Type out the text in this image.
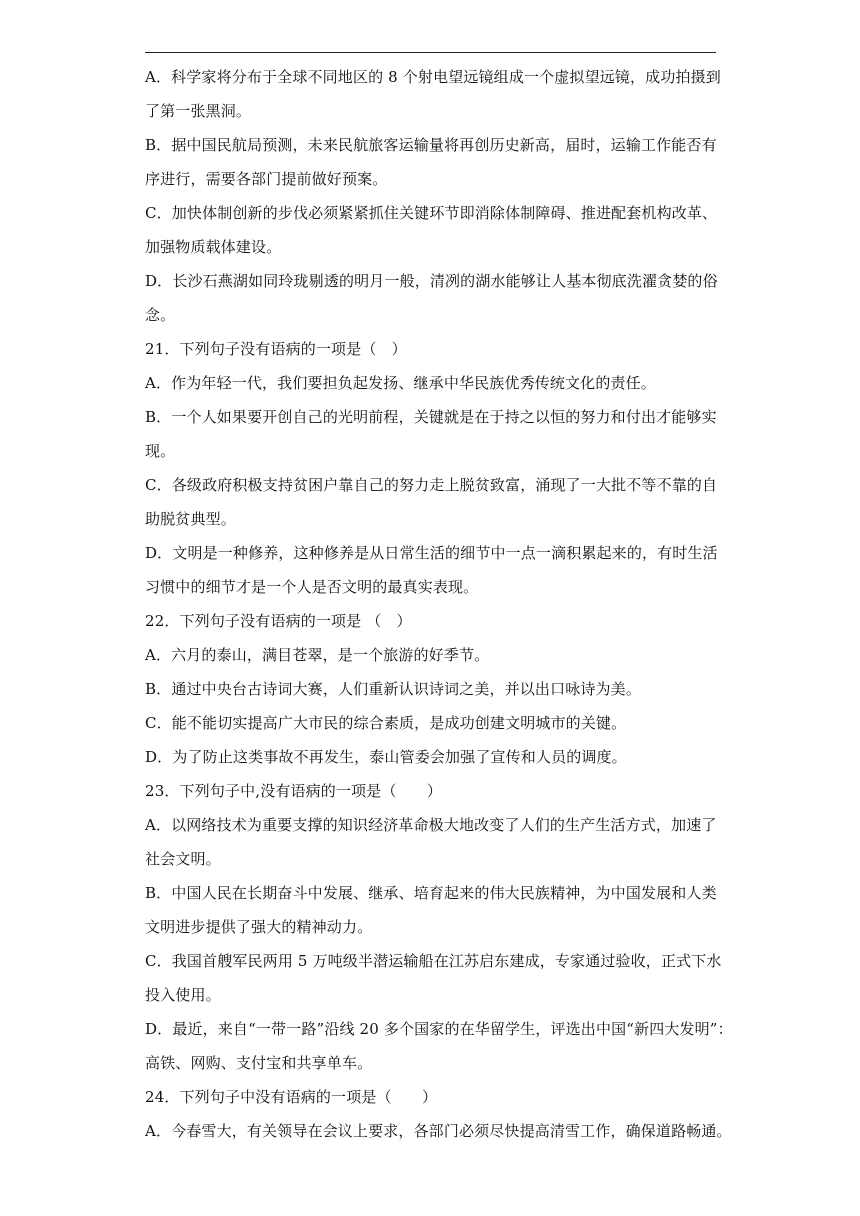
A．科学家将分布于全球不同地区的 8 个射电望远镜组成一个虚拟望远镜，成功拍摄到
了第一张黑洞。
B．据中国民航局预测，未来民航旅客运输量将再创历史新高，届时，运输工作能否有
序进行，需要各部门提前做好预案。
C．加快体制创新的步伐必须紧紧抓住关键环节即消除体制障碍、推进配套机构改革、
加强物质载体建设。
D．长沙石燕湖如同玲珑剔透的明月一般，清冽的湖水能够让人基本彻底洗濯贪婪的俗
念。
21．下列句子没有语病的一项是（　）
A．作为年轻一代，我们要担负起发扬、继承中华民族优秀传统文化的责任。
B．一个人如果要开创自己的光明前程，关键就是在于持之以恒的努力和付出才能够实
现。
C．各级政府积极支持贫困户靠自己的努力走上脱贫致富，涌现了一大批不等不靠的自
助脱贫典型。
D．文明是一种修养，这种修养是从日常生活的细节中一点一滴积累起来的，有时生活
习惯中的细节才是一个人是否文明的最真实表现。
22．下列句子没有语病的一项是 （　）
A．六月的泰山，满目苍翠，是一个旅游的好季节。
B．通过中央台古诗词大赛，人们重新认识诗词之美，并以出口咏诗为美。
C．能不能切实提高广大市民的综合素质，是成功创建文明城市的关键。
D．为了防止这类事故不再发生，泰山管委会加强了宣传和人员的调度。
23．下列句子中,没有语病的一项是（　　）
A．以网络技术为重要支撑的知识经济革命极大地改变了人们的生产生活方式，加速了
社会文明。
B．中国人民在长期奋斗中发展、继承、培育起来的伟大民族精神，为中国发展和人类
文明进步提供了强大的精神动力。
C．我国首艘军民两用 5 万吨级半潜运输船在江苏启东建成，专家通过验收，正式下水
投入使用。
D．最近，来自“一带一路”沿线 20 多个国家的在华留学生，评选出中国“新四大发明”：
高铁、网购、支付宝和共享单车。
24．下列句子中没有语病的一项是（　　）
A．今春雪大，有关领导在会议上要求，各部门必须尽快提高清雪工作，确保道路畅通。
